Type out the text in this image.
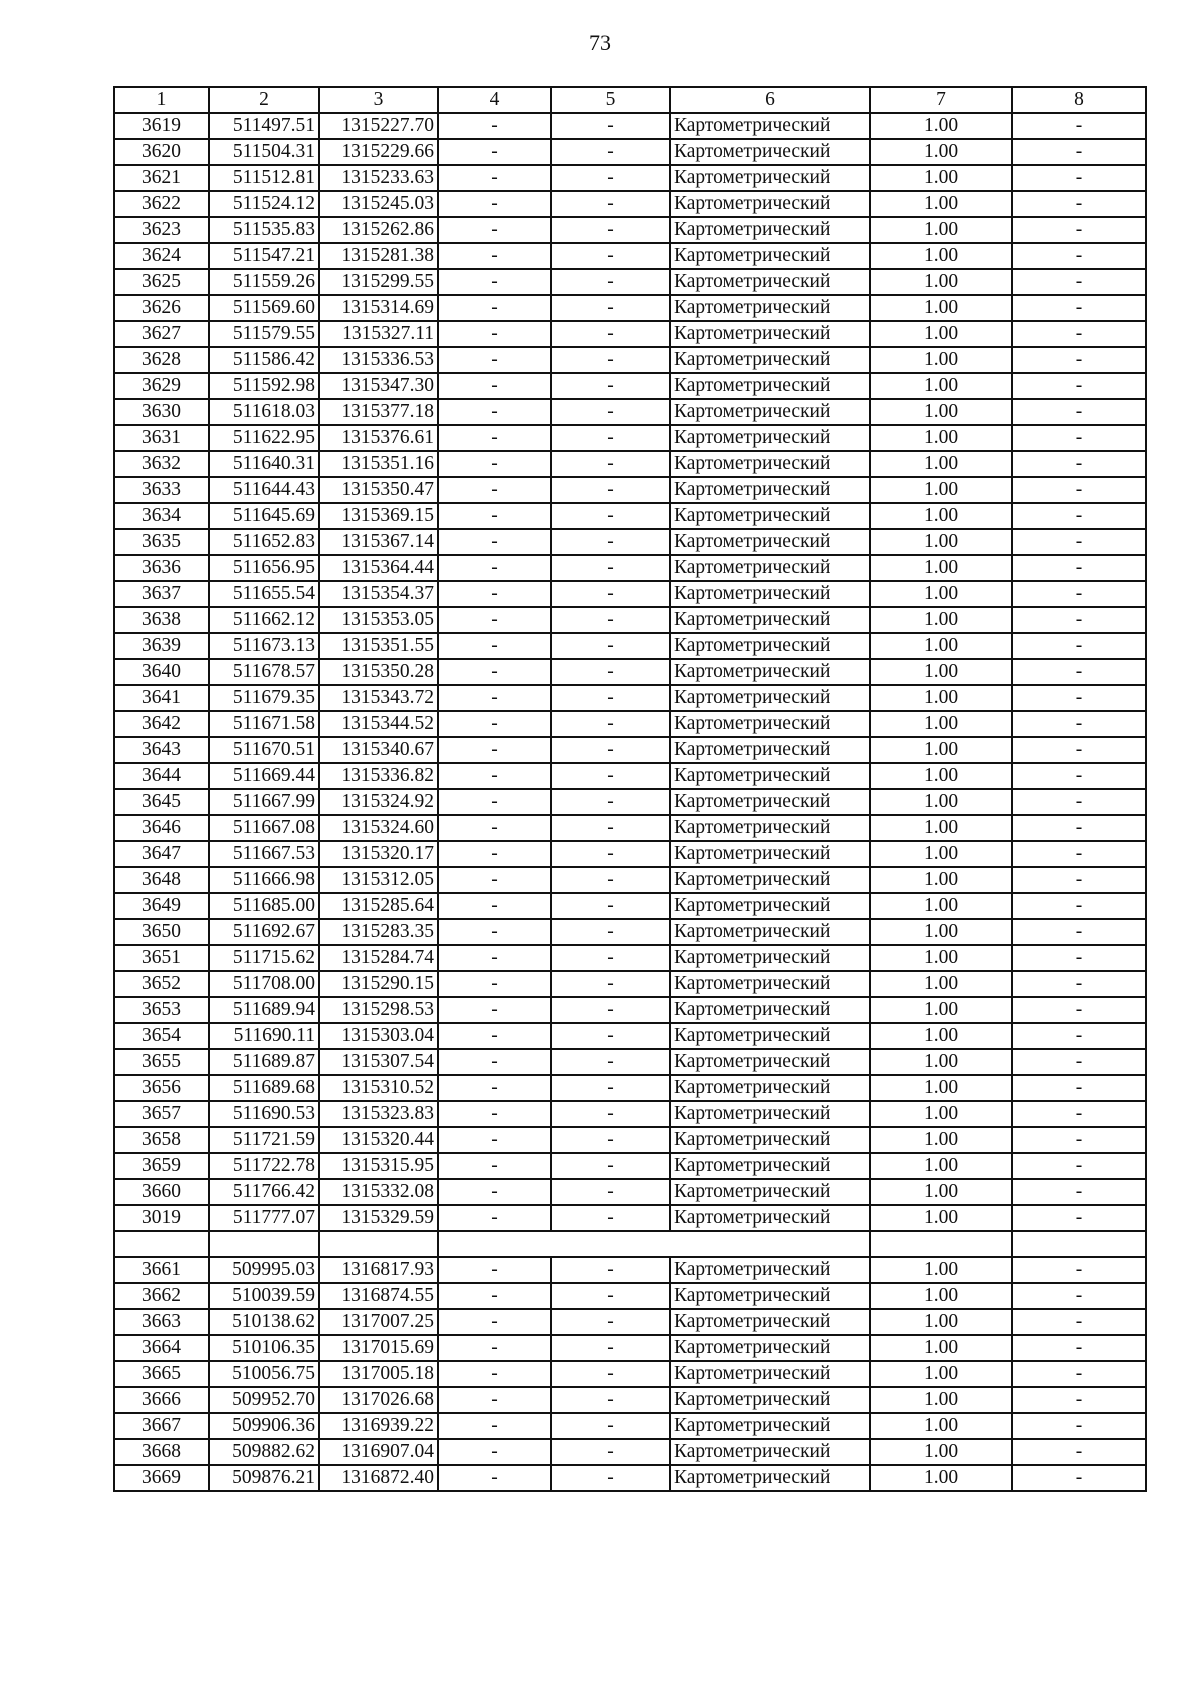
73
1	2	3	4	5	6	7	8
3619	511497.51	1315227.70	-	-	Картометрический	1.00	-
3620	511504.31	1315229.66	-	-	Картометрический	1.00	-
3621	511512.81	1315233.63	-	-	Картометрический	1.00	-
3622	511524.12	1315245.03	-	-	Картометрический	1.00	-
3623	511535.83	1315262.86	-	-	Картометрический	1.00	-
3624	511547.21	1315281.38	-	-	Картометрический	1.00	-
3625	511559.26	1315299.55	-	-	Картометрический	1.00	-
3626	511569.60	1315314.69	-	-	Картометрический	1.00	-
3627	511579.55	1315327.11	-	-	Картометрический	1.00	-
3628	511586.42	1315336.53	-	-	Картометрический	1.00	-
3629	511592.98	1315347.30	-	-	Картометрический	1.00	-
3630	511618.03	1315377.18	-	-	Картометрический	1.00	-
3631	511622.95	1315376.61	-	-	Картометрический	1.00	-
3632	511640.31	1315351.16	-	-	Картометрический	1.00	-
3633	511644.43	1315350.47	-	-	Картометрический	1.00	-
3634	511645.69	1315369.15	-	-	Картометрический	1.00	-
3635	511652.83	1315367.14	-	-	Картометрический	1.00	-
3636	511656.95	1315364.44	-	-	Картометрический	1.00	-
3637	511655.54	1315354.37	-	-	Картометрический	1.00	-
3638	511662.12	1315353.05	-	-	Картометрический	1.00	-
3639	511673.13	1315351.55	-	-	Картометрический	1.00	-
3640	511678.57	1315350.28	-	-	Картометрический	1.00	-
3641	511679.35	1315343.72	-	-	Картометрический	1.00	-
3642	511671.58	1315344.52	-	-	Картометрический	1.00	-
3643	511670.51	1315340.67	-	-	Картометрический	1.00	-
3644	511669.44	1315336.82	-	-	Картометрический	1.00	-
3645	511667.99	1315324.92	-	-	Картометрический	1.00	-
3646	511667.08	1315324.60	-	-	Картометрический	1.00	-
3647	511667.53	1315320.17	-	-	Картометрический	1.00	-
3648	511666.98	1315312.05	-	-	Картометрический	1.00	-
3649	511685.00	1315285.64	-	-	Картометрический	1.00	-
3650	511692.67	1315283.35	-	-	Картометрический	1.00	-
3651	511715.62	1315284.74	-	-	Картометрический	1.00	-
3652	511708.00	1315290.15	-	-	Картометрический	1.00	-
3653	511689.94	1315298.53	-	-	Картометрический	1.00	-
3654	511690.11	1315303.04	-	-	Картометрический	1.00	-
3655	511689.87	1315307.54	-	-	Картометрический	1.00	-
3656	511689.68	1315310.52	-	-	Картометрический	1.00	-
3657	511690.53	1315323.83	-	-	Картометрический	1.00	-
3658	511721.59	1315320.44	-	-	Картометрический	1.00	-
3659	511722.78	1315315.95	-	-	Картометрический	1.00	-
3660	511766.42	1315332.08	-	-	Картометрический	1.00	-
3019	511777.07	1315329.59	-	-	Картометрический	1.00	-

3661	509995.03	1316817.93	-	-	Картометрический	1.00	-
3662	510039.59	1316874.55	-	-	Картометрический	1.00	-
3663	510138.62	1317007.25	-	-	Картометрический	1.00	-
3664	510106.35	1317015.69	-	-	Картометрический	1.00	-
3665	510056.75	1317005.18	-	-	Картометрический	1.00	-
3666	509952.70	1317026.68	-	-	Картометрический	1.00	-
3667	509906.36	1316939.22	-	-	Картометрический	1.00	-
3668	509882.62	1316907.04	-	-	Картометрический	1.00	-
3669	509876.21	1316872.40	-	-	Картометрический	1.00	-
